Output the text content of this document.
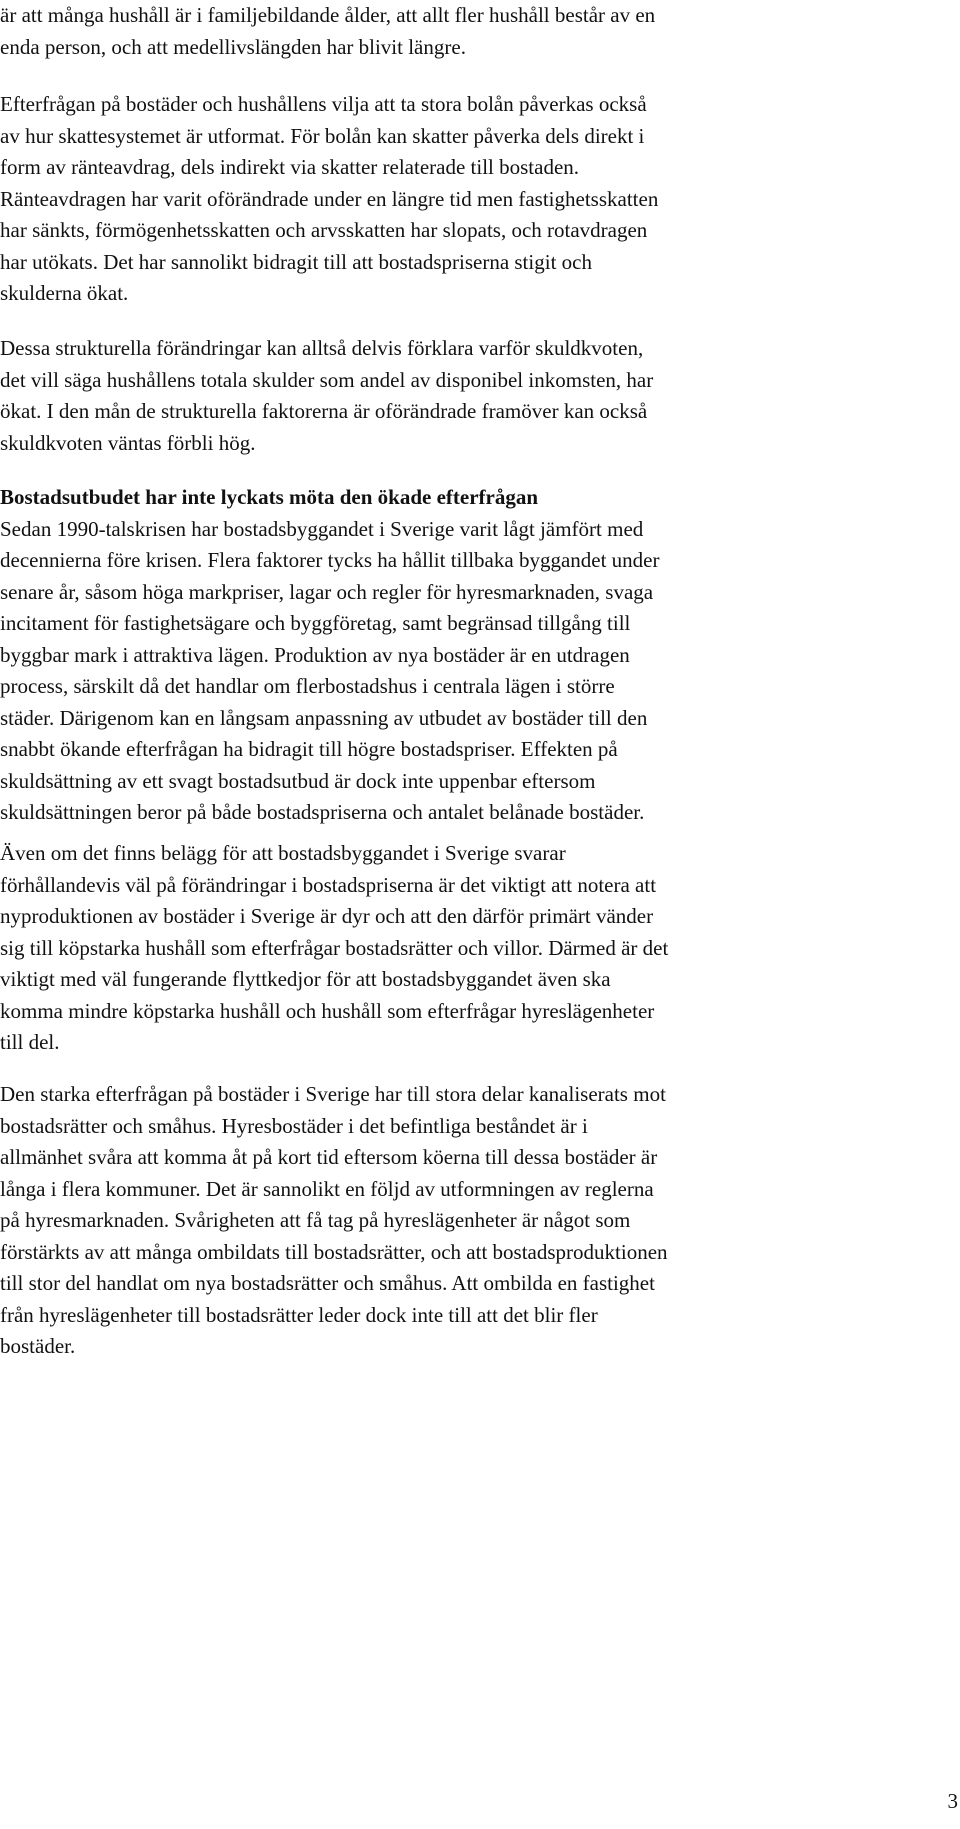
är att många hushåll är i familjebildande ålder, att allt fler hushåll består av en
enda person, och att medellivslängden har blivit längre.

Efterfrågan på bostäder och hushållens vilja att ta stora bolån påverkas också
av hur skattesystemet är utformat. För bolån kan skatter påverka dels direkt i
form av ränteavdrag, dels indirekt via skatter relaterade till bostaden.
Ränteavdragen har varit oförändrade under en längre tid men fastighetsskatten
har sänkts, förmögenhetsskatten och arvsskatten har slopats, och rotavdragen
har utökats. Det har sannolikt bidragit till att bostadspriserna stigit och
skulderna ökat.

Dessa strukturella förändringar kan alltså delvis förklara varför skuldkvoten,
det vill säga hushållens totala skulder som andel av disponibel inkomsten, har
ökat. I den mån de strukturella faktorerna är oförändrade framöver kan också
skuldkvoten väntas förbli hög.

Bostadsutbudet har inte lyckats möta den ökade efterfrågan
Sedan 1990-talskrisen har bostadsbyggandet i Sverige varit lågt jämfört med
decennierna före krisen. Flera faktorer tycks ha hållit tillbaka byggandet under
senare år, såsom höga markpriser, lagar och regler för hyresmarknaden, svaga
incitament för fastighetsägare och byggföretag, samt begränsad tillgång till
byggbar mark i attraktiva lägen. Produktion av nya bostäder är en utdragen
process, särskilt då det handlar om flerbostadshus i centrala lägen i större
städer. Därigenom kan en långsam anpassning av utbudet av bostäder till den
snabbt ökande efterfrågan ha bidragit till högre bostadspriser. Effekten på
skuldsättning av ett svagt bostadsutbud är dock inte uppenbar eftersom
skuldsättningen beror på både bostadspriserna och antalet belånade bostäder.

Även om det finns belägg för att bostadsbyggandet i Sverige svarar
förhållandevis väl på förändringar i bostadspriserna är det viktigt att notera att
nyproduktionen av bostäder i Sverige är dyr och att den därför primärt vänder
sig till köpstarka hushåll som efterfrågar bostadsrätter och villor. Därmed är det
viktigt med väl fungerande flyttkedjor för att bostadsbyggandet även ska
komma mindre köpstarka hushåll och hushåll som efterfrågar hyreslägenheter
till del.

Den starka efterfrågan på bostäder i Sverige har till stora delar kanaliserats mot
bostadsrätter och småhus. Hyresbostäder i det befintliga beståndet är i
allmänhet svåra att komma åt på kort tid eftersom köerna till dessa bostäder är
långa i flera kommuner. Det är sannolikt en följd av utformningen av reglerna
på hyresmarknaden. Svårigheten att få tag på hyreslägenheter är något som
förstärkts av att många ombildats till bostadsrätter, och att bostadsproduktionen
till stor del handlat om nya bostadsrätter och småhus. Att ombilda en fastighet
från hyreslägenheter till bostadsrätter leder dock inte till att det blir fler
bostäder.

3
